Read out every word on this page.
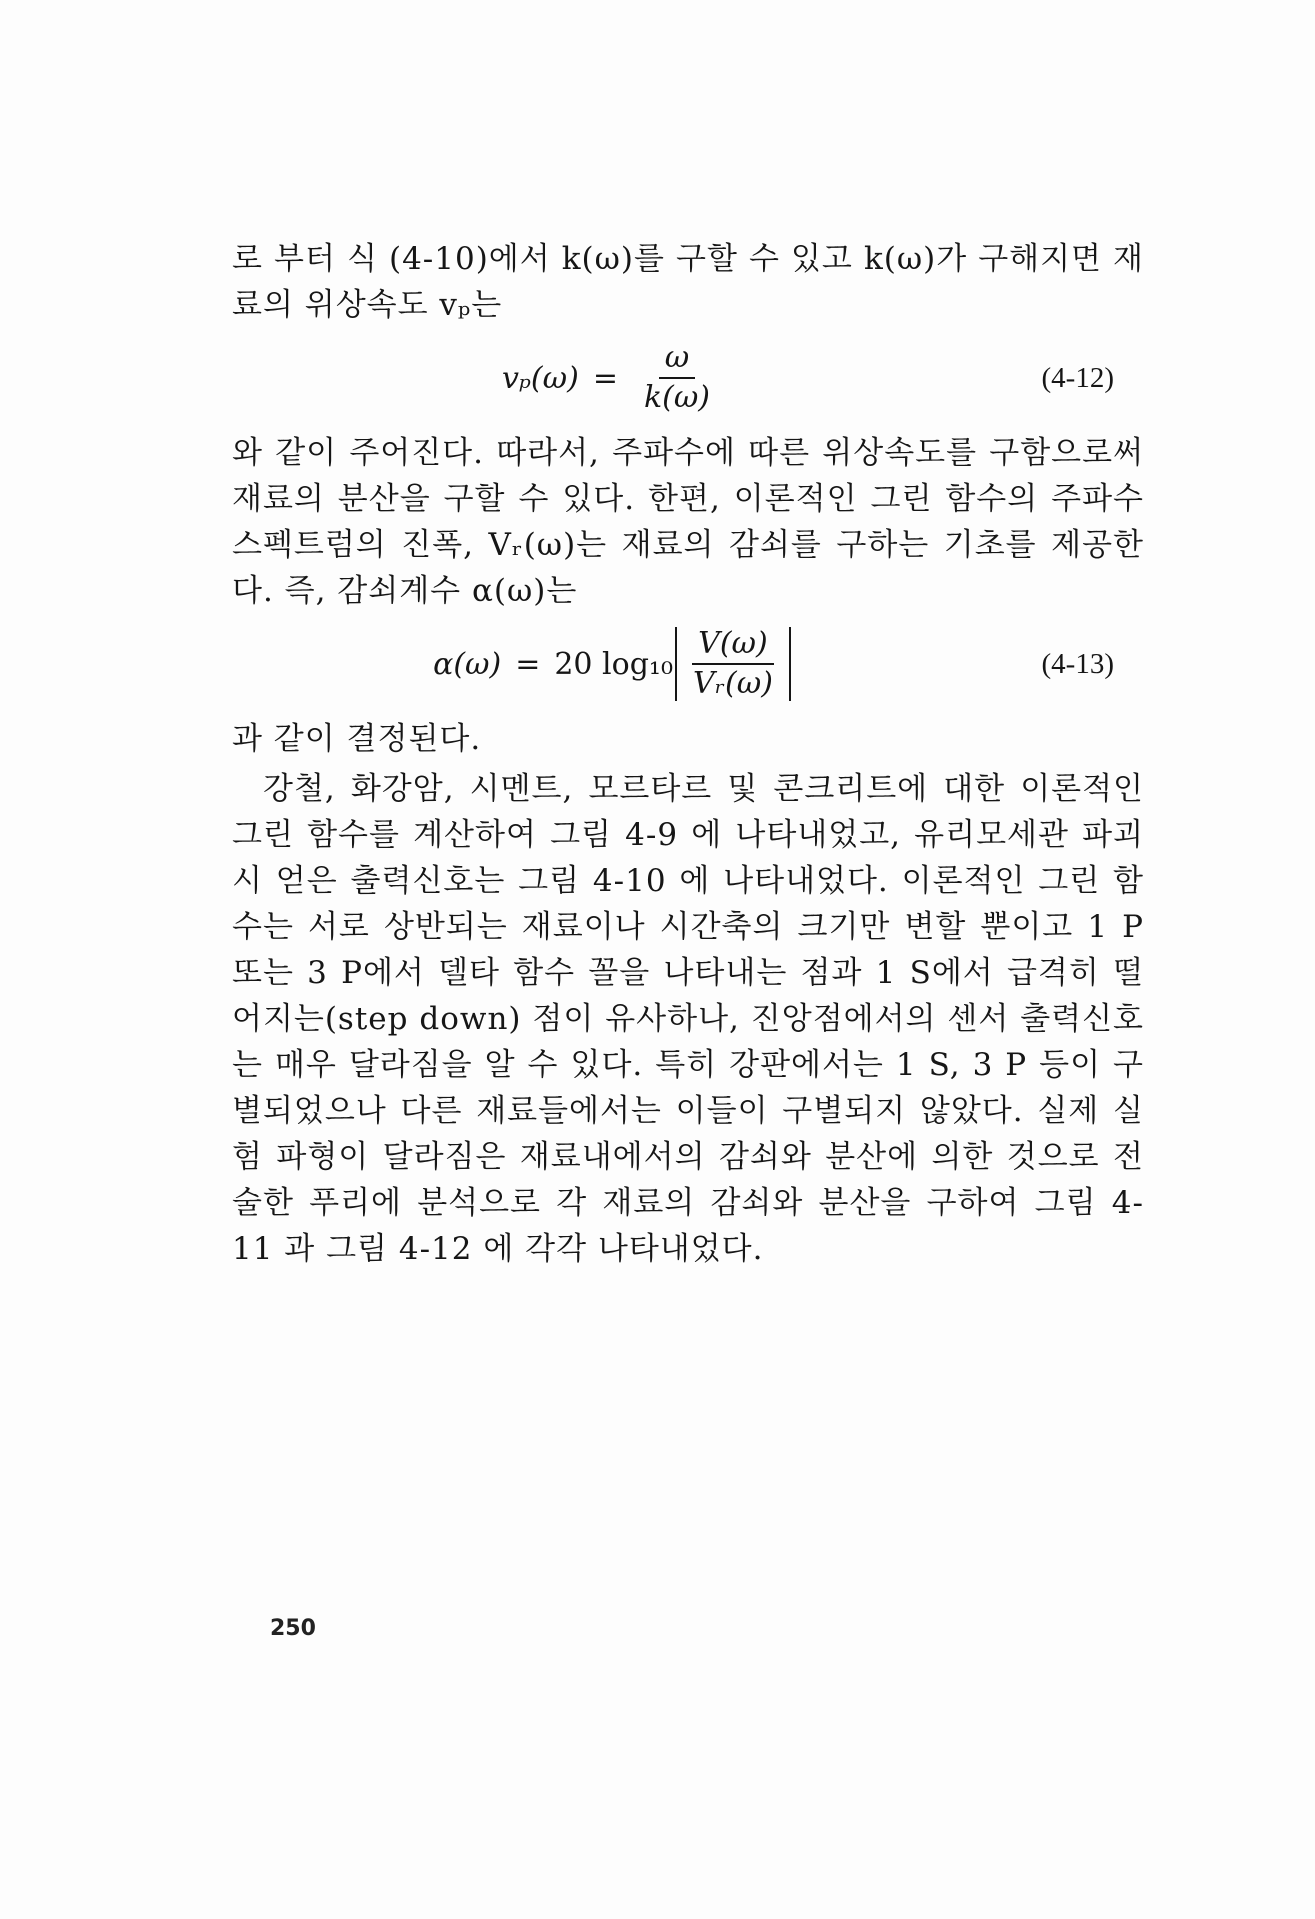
로 부터 식 (4-10)에서 k(ω)를 구할 수 있고 k(ω)가 구해지면 재료의 위상속도 vₚ는

$v_p(\omega) = \frac{\omega}{k(\omega)}$	(4-12)

와 같이 주어진다. 따라서, 주파수에 따른 위상속도를 구함으로써 재료의 분산을 구할 수 있다. 한편, 이론적인 그린 함수의 주파수 스펙트럼의 진폭, Vᵣ(ω)는 재료의 감쇠를 구하는 기초를 제공한다. 즉, 감쇠계수 α(ω)는

α(ω) = 20 $\log_{10} \frac{V(\omega)}{\text{Vᵣ(ω)}}$	(4-13)

과 같이 결정된다.

강철, 화강암, 시멘트, 모르타르 및 콘크리트에 대한 이론적인 그린 함수를 계산하여 그림 4-9 에 나타내었고, 유리모세관 파괴시 얻은 출력신호는 그림 4-10 에 나타내었다. 이론적인 그린 함수는 서로 상반되는 재료이나 시간축의 크기만 변할 뿐이고 1 P 또는 3 P에서 델타 함수 꼴을 나타내는 점과 1 S에서 급격히 떨어지는(step down) 점이 유사하나, 진앙점에서의 센서 출력신호는 매우 달라짐을 알 수 있다. 특히 강판에서는 1 S, 3 P 등이 구별되었으나 다른 재료들에서는 이들이 구별되지 않았다. 실제 실험 파형이 달라짐은 재료내에서의 감쇠와 분산에 의한 것으로 전술한 푸리에 분석으로 각 재료의 감쇠와 분산을 구하여 그림 4-11 과 그림 4-12 에 각각 나타내었다.

250
